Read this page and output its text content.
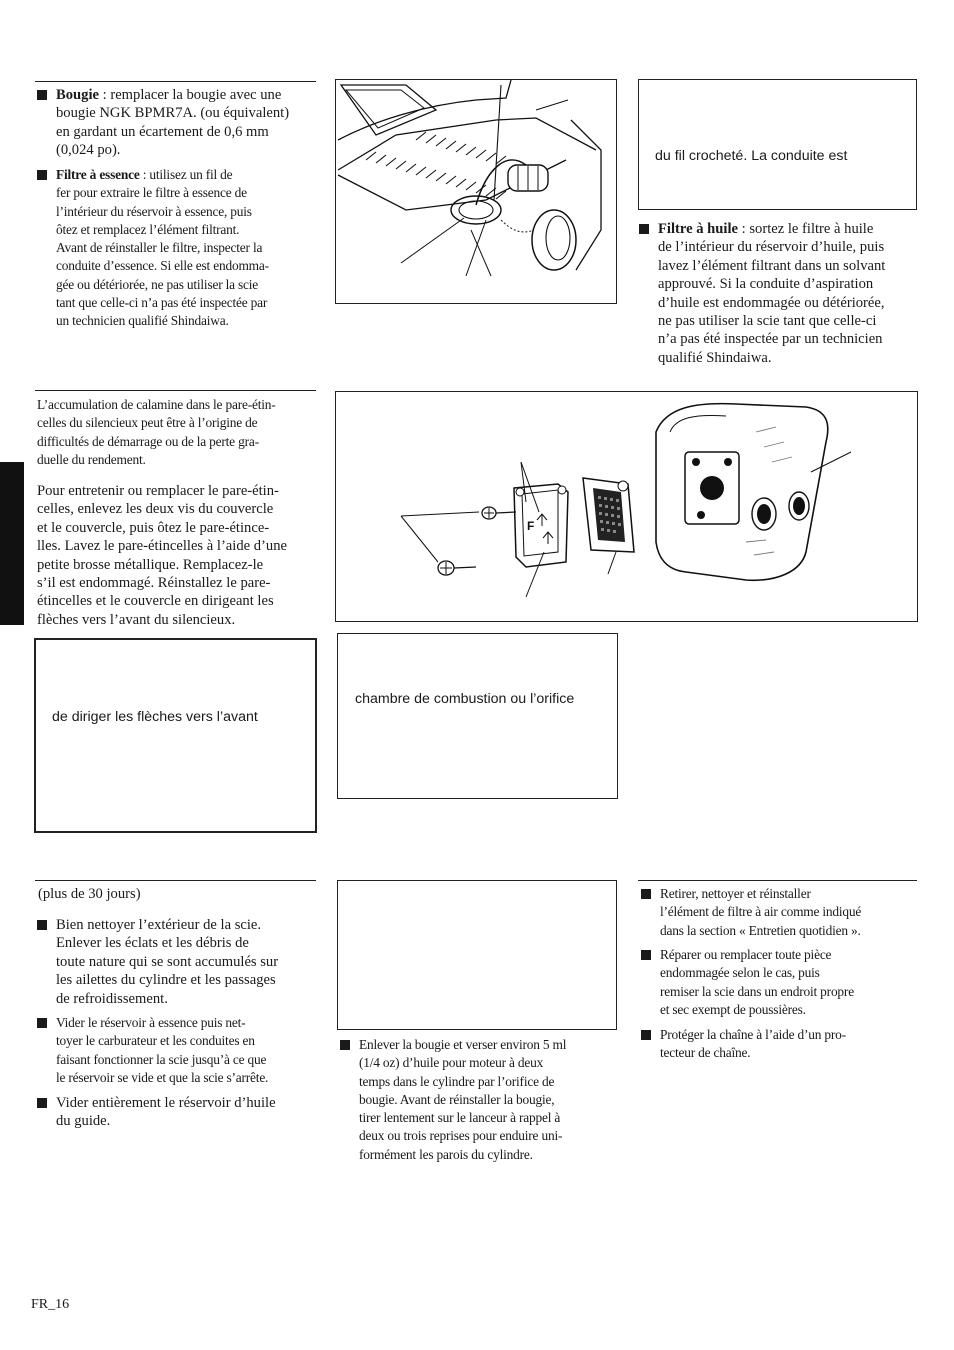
Bougie : remplacer la bougie avec une
bougie NGK BPMR7A. (ou équivalent)
en gardant un écartement de 0,6 mm
(0,024 po).
Filtre à essence : utilisez un fil de
fer pour extraire le filtre à essence de
l’intérieur du réservoir à essence, puis
ôtez et remplacez l’élément filtrant.
Avant de réinstaller le filtre, inspecter la
conduite d’essence. Si elle est endomma-
gée ou détériorée, ne pas utiliser la scie
tant que celle-ci n’a pas été inspectée par
un technicien qualifié Shindaiwa.
du fil crocheté. La conduite est
Filtre à huile : sortez le filtre à huile
de l’intérieur du réservoir d’huile, puis
lavez l’élément filtrant dans un solvant
approuvé. Si la conduite d’aspiration
d’huile est endommagée ou détériorée,
ne pas utiliser la scie tant que celle-ci
n’a pas été inspectée par un technicien
qualifié Shindaiwa.
L’accumulation de calamine dans le pare-étin-
celles du silencieux peut être à l’origine de
difficultés de démarrage ou de la perte gra-
duelle du rendement.
Pour entretenir ou remplacer le pare-étin-
celles, enlevez les deux vis du couvercle
et le couvercle, puis ôtez le pare-étince-
lles. Lavez le pare-étincelles à l’aide d’une
petite brosse métallique. Remplacez-le
s’il est endommagé. Réinstallez le pare-
étincelles et le couvercle en dirigeant les
flèches vers l’avant du silencieux.
F
de diriger les flèches vers l’avant
chambre de combustion ou l’orifice
(plus de 30 jours)
Bien nettoyer l’extérieur de la scie.
Enlever les éclats et les débris de
toute nature qui se sont accumulés sur
les ailettes du cylindre et les passages
de refroidissement.
Vider le réservoir à essence puis net-
toyer le carburateur et les conduites en
faisant fonctionner la scie jusqu’à ce que
le réservoir se vide et que la scie s’arrête.
Vider entièrement le réservoir d’huile
du guide.
Enlever la bougie et verser environ 5 ml
(1/4 oz) d’huile pour moteur à deux
temps dans le cylindre par l’orifice de
bougie. Avant de réinstaller la bougie,
tirer lentement sur le lanceur à rappel à
deux ou trois reprises pour enduire uni-
formément les parois du cylindre.
Retirer, nettoyer et réinstaller
l’élément de filtre à air comme indiqué
dans la section « Entretien quotidien ».
Réparer ou remplacer toute pièce
endommagée selon le cas, puis
remiser la scie dans un endroit propre
et sec exempt de poussières.
Protéger la chaîne à l’aide d’un pro-
tecteur de chaîne.
FR_16
